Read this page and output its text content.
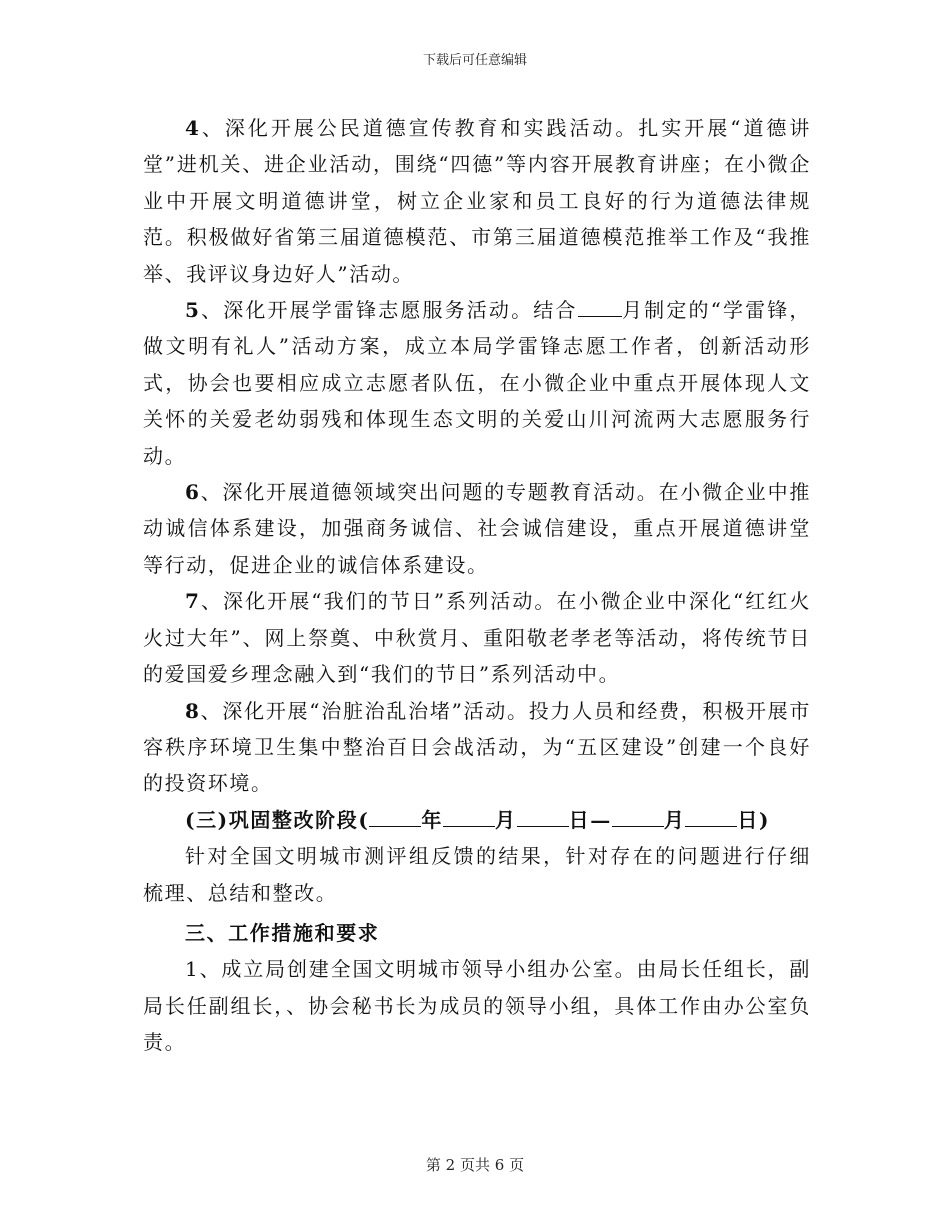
下载后可任意编辑

4、深化开展公民道德宣传教育和实践活动。扎实开展“道德讲堂”进机关、进企业活动，围绕“四德”等内容开展教育讲座；在小微企业中开展文明道德讲堂，树立企业家和员工良好的行为道德法律规范。积极做好省第三届道德模范、市第三届道德模范推举工作及“我推举、我评议身边好人”活动。

5、深化开展学雷锋志愿服务活动。结合 月制定的“学雷锋，做文明有礼人”活动方案，成立本局学雷锋志愿工作者，创新活动形式，协会也要相应成立志愿者队伍，在小微企业中重点开展体现人文关怀的关爱老幼弱残和体现生态文明的关爱山川河流两大志愿服务行动。

6、深化开展道德领域突出问题的专题教育活动。在小微企业中推动诚信体系建设，加强商务诚信、社会诚信建设，重点开展道德讲堂等行动，促进企业的诚信体系建设。

7、深化开展“我们的节日”系列活动。在小微企业中深化“红红火火过大年”、网上祭奠、中秋赏月、重阳敬老孝老等活动，将传统节日的爱国爱乡理念融入到“我们的节日”系列活动中。

8、深化开展“治脏治乱治堵”活动。投力人员和经费，积极开展市容秩序环境卫生集中整治百日会战活动，为“五区建设”创建一个良好的投资环境。

(三)巩固整改阶段(	年	月	日—	月	日)

针对全国文明城市测评组反馈的结果，针对存在的问题进行仔细梳理、总结和整改。

三、工作措施和要求

1、成立局创建全国文明城市领导小组办公室。由局长任组长，副局长任副组长，、协会秘书长为成员的领导小组，具体工作由办公室负责。

第 2 页共 6 页
